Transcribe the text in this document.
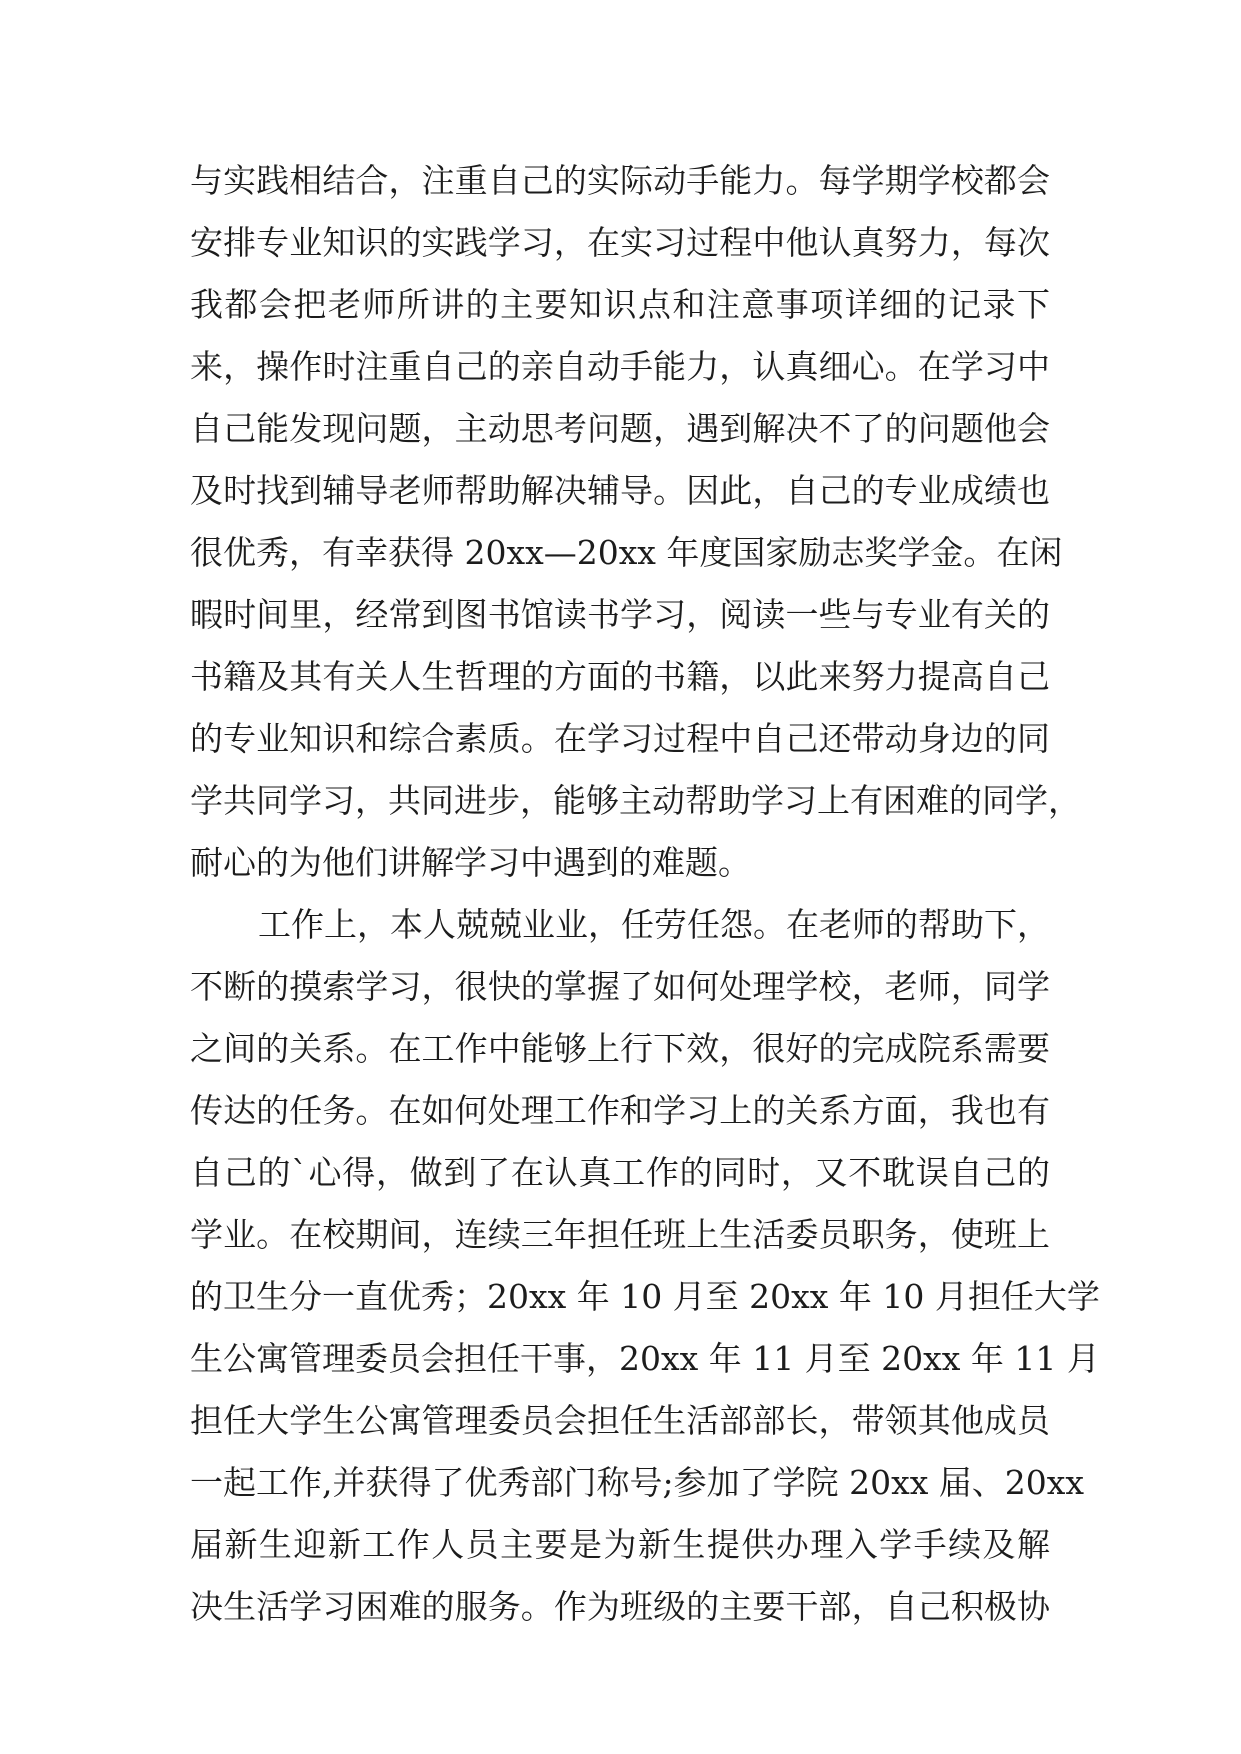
与实践相结合，注重自己的实际动手能力。每学期学校都会
安排专业知识的实践学习，在实习过程中他认真努力，每次
我都会把老师所讲的主要知识点和注意事项详细的记录下
来，操作时注重自己的亲自动手能力，认真细心。在学习中
自己能发现问题，主动思考问题，遇到解决不了的问题他会
及时找到辅导老师帮助解决辅导。因此，自己的专业成绩也
很优秀，有幸获得 20xx—20xx 年度国家励志奖学金。在闲
暇时间里，经常到图书馆读书学习，阅读一些与专业有关的
书籍及其有关人生哲理的方面的书籍，以此来努力提高自己
的专业知识和综合素质。在学习过程中自己还带动身边的同
学共同学习，共同进步，能够主动帮助学习上有困难的同学，
耐心的为他们讲解学习中遇到的难题。
工作上，本人兢兢业业，任劳任怨。在老师的帮助下，
不断的摸索学习，很快的掌握了如何处理学校，老师，同学
之间的关系。在工作中能够上行下效，很好的完成院系需要
传达的任务。在如何处理工作和学习上的关系方面，我也有
自己的`心得，做到了在认真工作的同时，又不耽误自己的
学业。在校期间，连续三年担任班上生活委员职务，使班上
的卫生分一直优秀；20xx 年 10 月至 20xx 年 10 月担任大学
生公寓管理委员会担任干事，20xx 年 11 月至 20xx 年 11 月
担任大学生公寓管理委员会担任生活部部长，带领其他成员
一起工作,并获得了优秀部门称号;参加了学院 20xx 届、20xx
届新生迎新工作人员主要是为新生提供办理入学手续及解
决生活学习困难的服务。作为班级的主要干部，自己积极协
